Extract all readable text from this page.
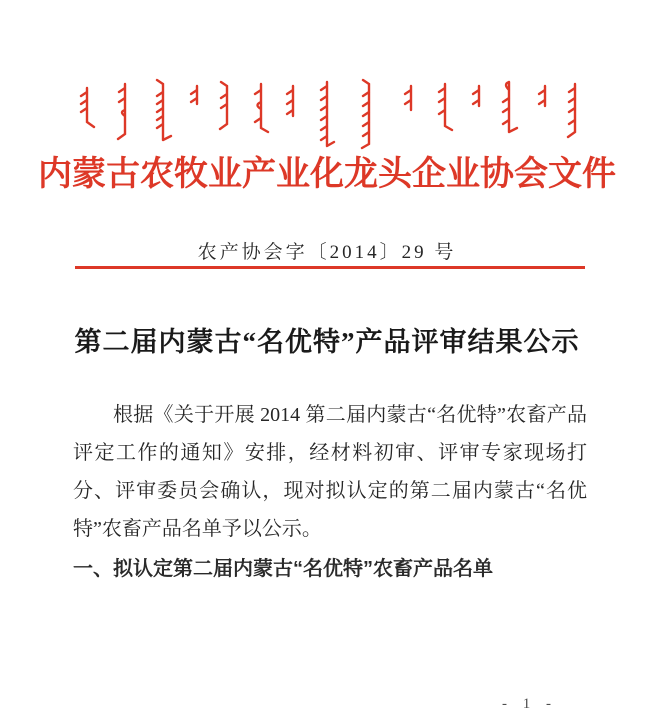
内蒙古农牧业产业化龙头企业协会文件
农产协会字〔2014〕29 号
第二届内蒙古“名优特”产品评审结果公示

根据《关于开展 2014 第二届内蒙古“名优特”农畜产品评定工作的通知》安排，经材料初审、评审专家现场打分、评审委员会确认，现对拟认定的第二届内蒙古“名优特”农畜产品名单予以公示。

一、拟认定第二届内蒙古“名优特”农畜产品名单
- 1 -
